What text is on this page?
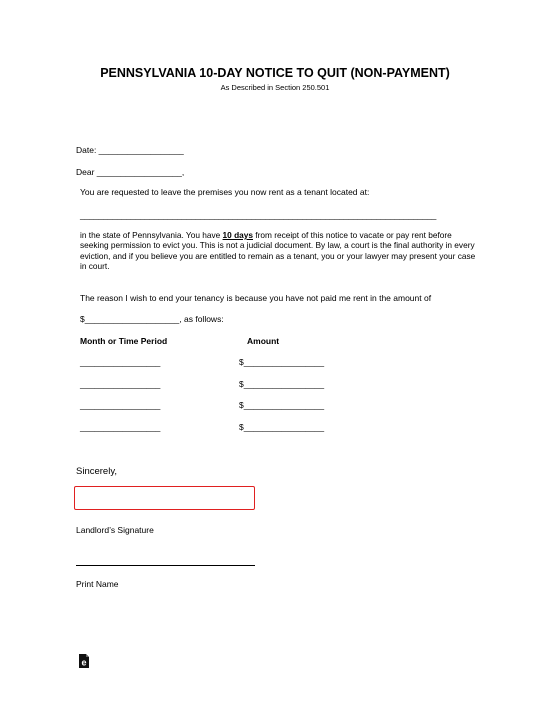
PENNSYLVANIA 10-DAY NOTICE TO QUIT (NON-PAYMENT)
As Described in Section 250.501
Date: __________________
Dear __________________,
You are requested to leave the premises you now rent as a tenant located at:
_____________________________________________________________________________
in the state of Pennsylvania. You have 10 days from receipt of this notice to vacate or pay rent before seeking permission to evict you. This is not a judicial document. By law, a court is the final authority in every eviction, and if you believe you are entitled to remain as a tenant, you or your lawyer may present your case in court.
The reason I wish to end your tenancy is because you have not paid me rent in the amount of
$____________________, as follows:
Month or Time Period	Amount
_________________	$_________________
_________________	$_________________
_________________	$_________________
_________________	$_________________
Sincerely,
Landlord’s Signature
Print Name
e
